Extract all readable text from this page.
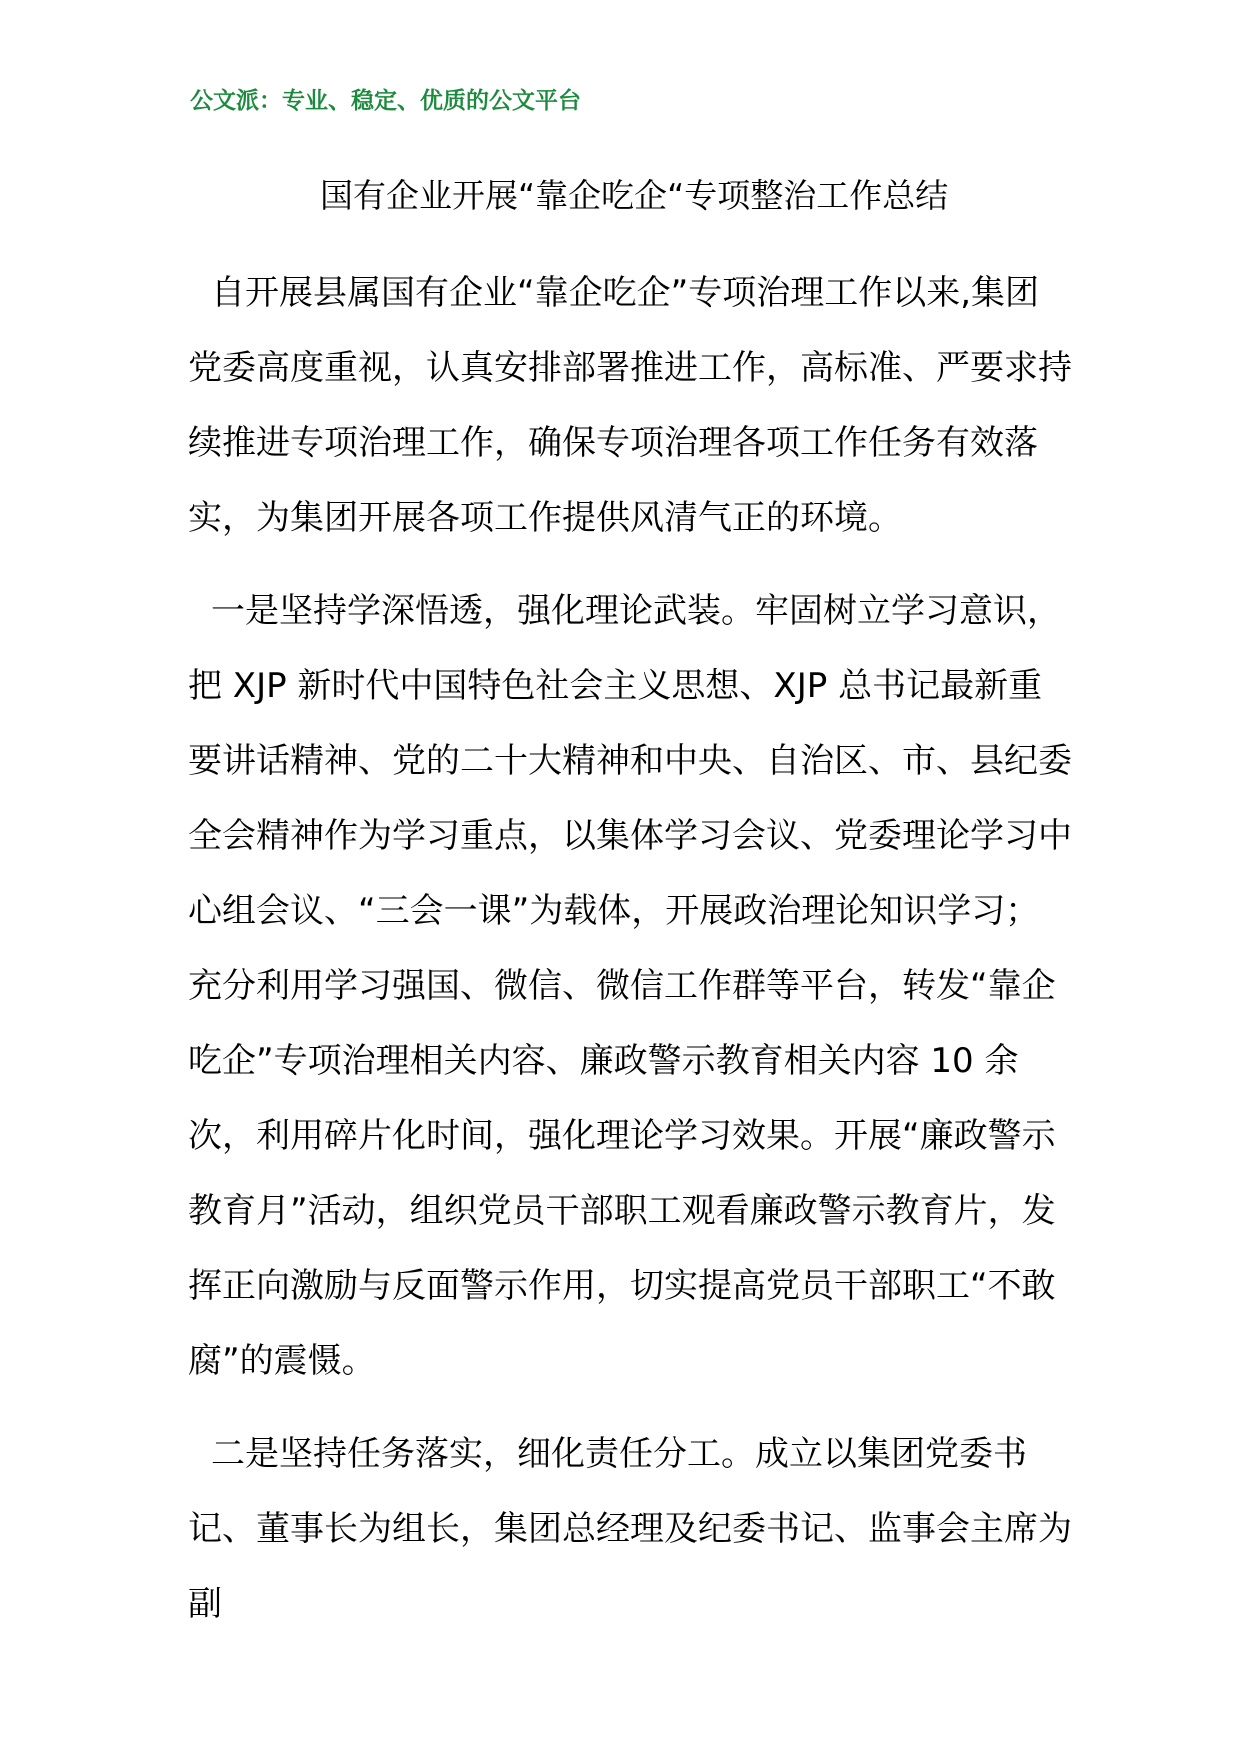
公文派：专业、稳定、优质的公文平台
国有企业开展“靠企吃企“专项整治工作总结

自开展县属国有企业“靠企吃企”专项治理工作以来,集团党委高度重视，认真安排部署推进工作，高标准、严要求持续推进专项治理工作，确保专项治理各项工作任务有效落实，为集团开展各项工作提供风清气正的环境。

一是坚持学深悟透，强化理论武装。牢固树立学习意识，把 XJP 新时代中国特色社会主义思想、XJP 总书记最新重要讲话精神、党的二十大精神和中央、自治区、市、县纪委全会精神作为学习重点，以集体学习会议、党委理论学习中心组会议、“三会一课”为载体，开展政治理论知识学习；充分利用学习强国、微信、微信工作群等平台，转发“靠企吃企”专项治理相关内容、廉政警示教育相关内容 10 余次，利用碎片化时间，强化理论学习效果。开展“廉政警示教育月”活动，组织党员干部职工观看廉政警示教育片，发挥正向激励与反面警示作用，切实提高党员干部职工“不敢腐”的震慑。

二是坚持任务落实，细化责任分工。成立以集团党委书记、董事长为组长，集团总经理及纪委书记、监事会主席为副
